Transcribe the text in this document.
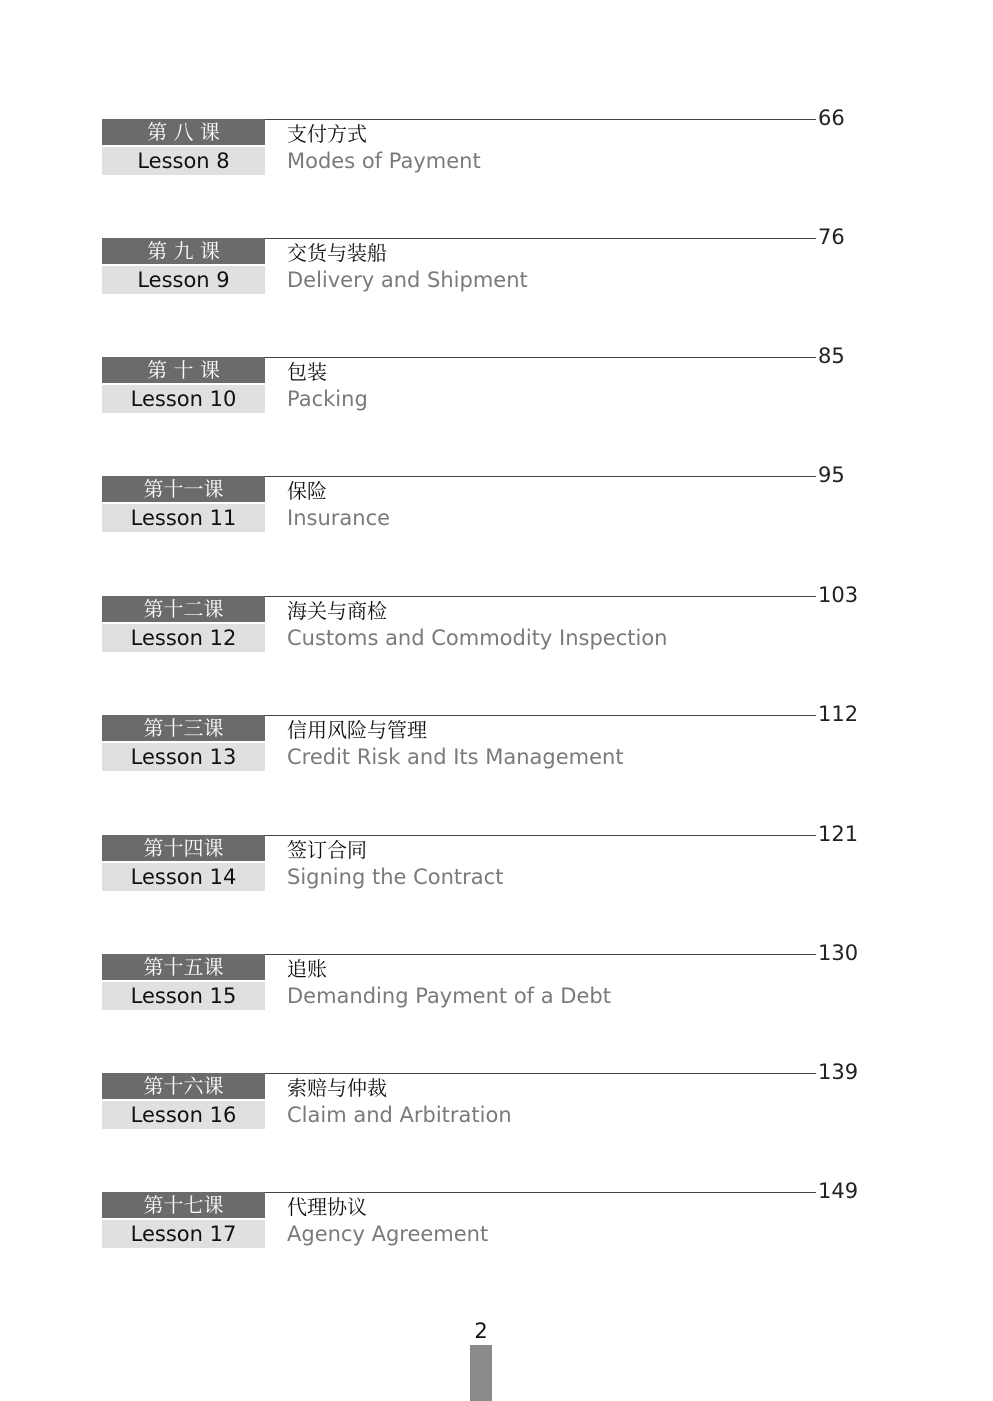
第 八 课
Lesson 8
支付方式
Modes of Payment
66
第 九 课
Lesson 9
交货与装船
Delivery and Shipment
76
第 十 课
Lesson 10
包装
Packing
85
第十一课
Lesson 11
保险
Insurance
95
第十二课
Lesson 12
海关与商检
Customs and Commodity Inspection
103
第十三课
Lesson 13
信用风险与管理
Credit Risk and Its Management
112
第十四课
Lesson 14
签订合同
Signing the Contract
121
第十五课
Lesson 15
追账
Demanding Payment of a Debt
130
第十六课
Lesson 16
索赔与仲裁
Claim and Arbitration
139
第十七课
Lesson 17
代理协议
Agency Agreement
149
2
